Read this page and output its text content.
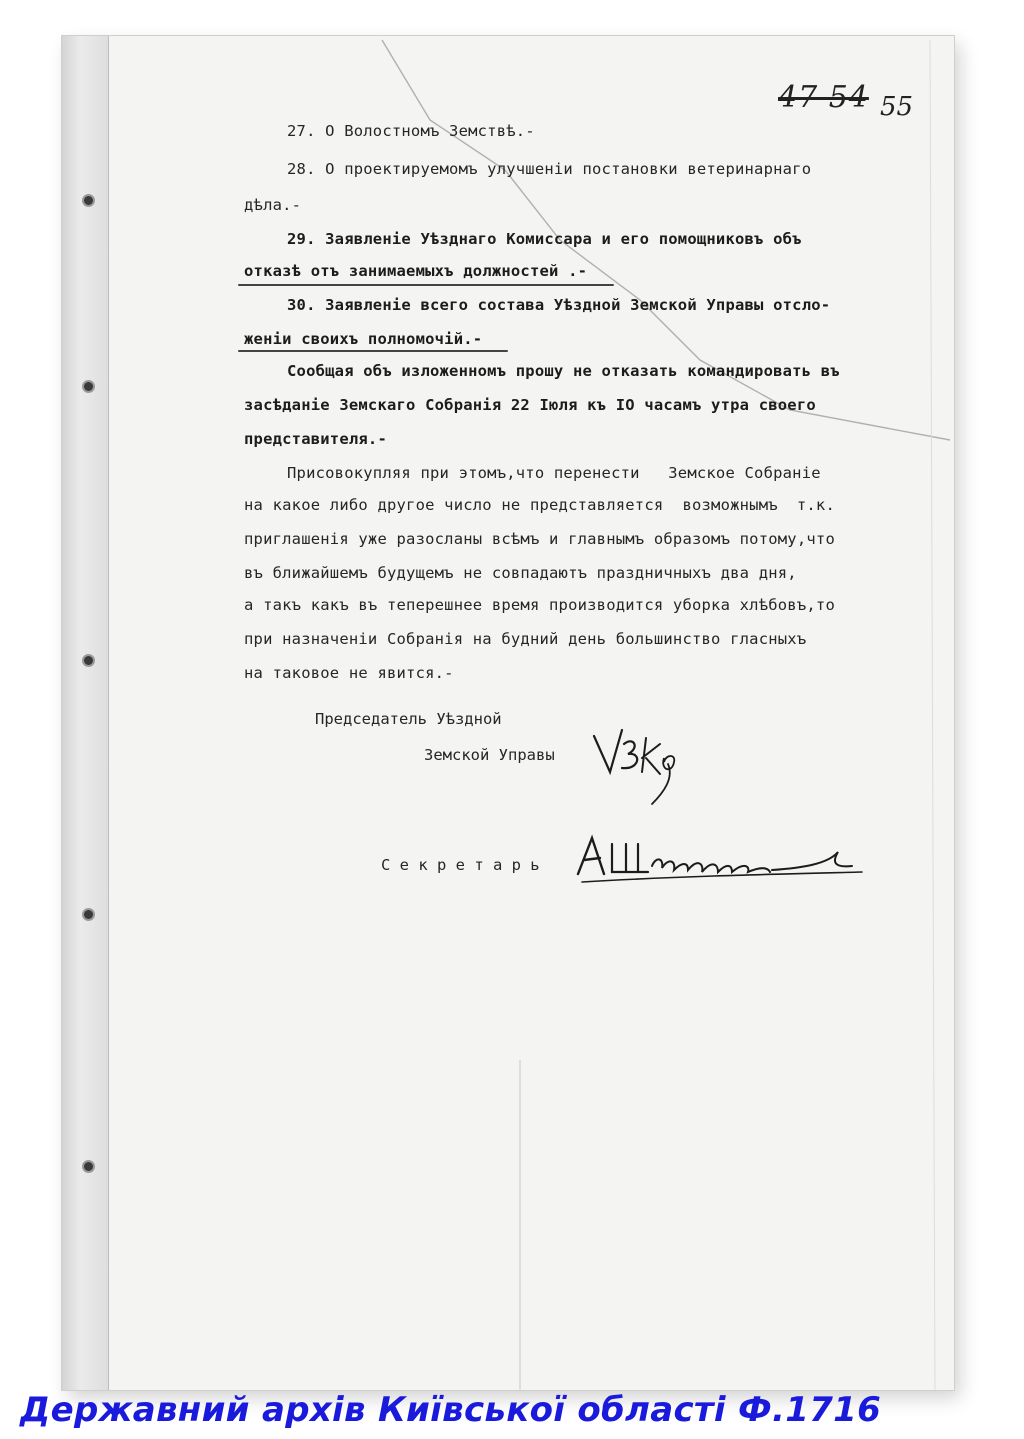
47 54 55
27. О Волостномъ Земствѣ.-
28. О проектируемомъ улучшенiи постановки ветеринарнаго
дѣла.-
29. Заявленiе Уѣзднаго Комиссара и его помощниковъ объ
отказѣ отъ занимаемыхъ должностей .-
30. Заявленiе всего состава Уѣздной Земской Управы отсло-
женiи своихъ полномочiй.-
Сообщая объ изложенномъ прошу не отказать командировать въ
засѣданiе Земскаго Собранiя 22 Iюля къ IO часамъ утра своего
представителя.-
Присовокупляя при этомъ,что перенести   Земское Собранiе
на какое либо другое число не представляется  возможнымъ  т.к.
приглашенiя уже разосланы всѣмъ и главнымъ образомъ потому,что
въ ближайшемъ будущемъ не совпадаютъ праздничныхъ два дня,
а такъ какъ въ теперешнее время производится уборка хлѣбовъ,то
при назначенiи Собранiя на будний день большинство гласныхъ
на таковое не явится.-
Председатель Уѣздной
Земской Управы
С е к р е т а р ь
Державний архів Київської області Ф.1716
